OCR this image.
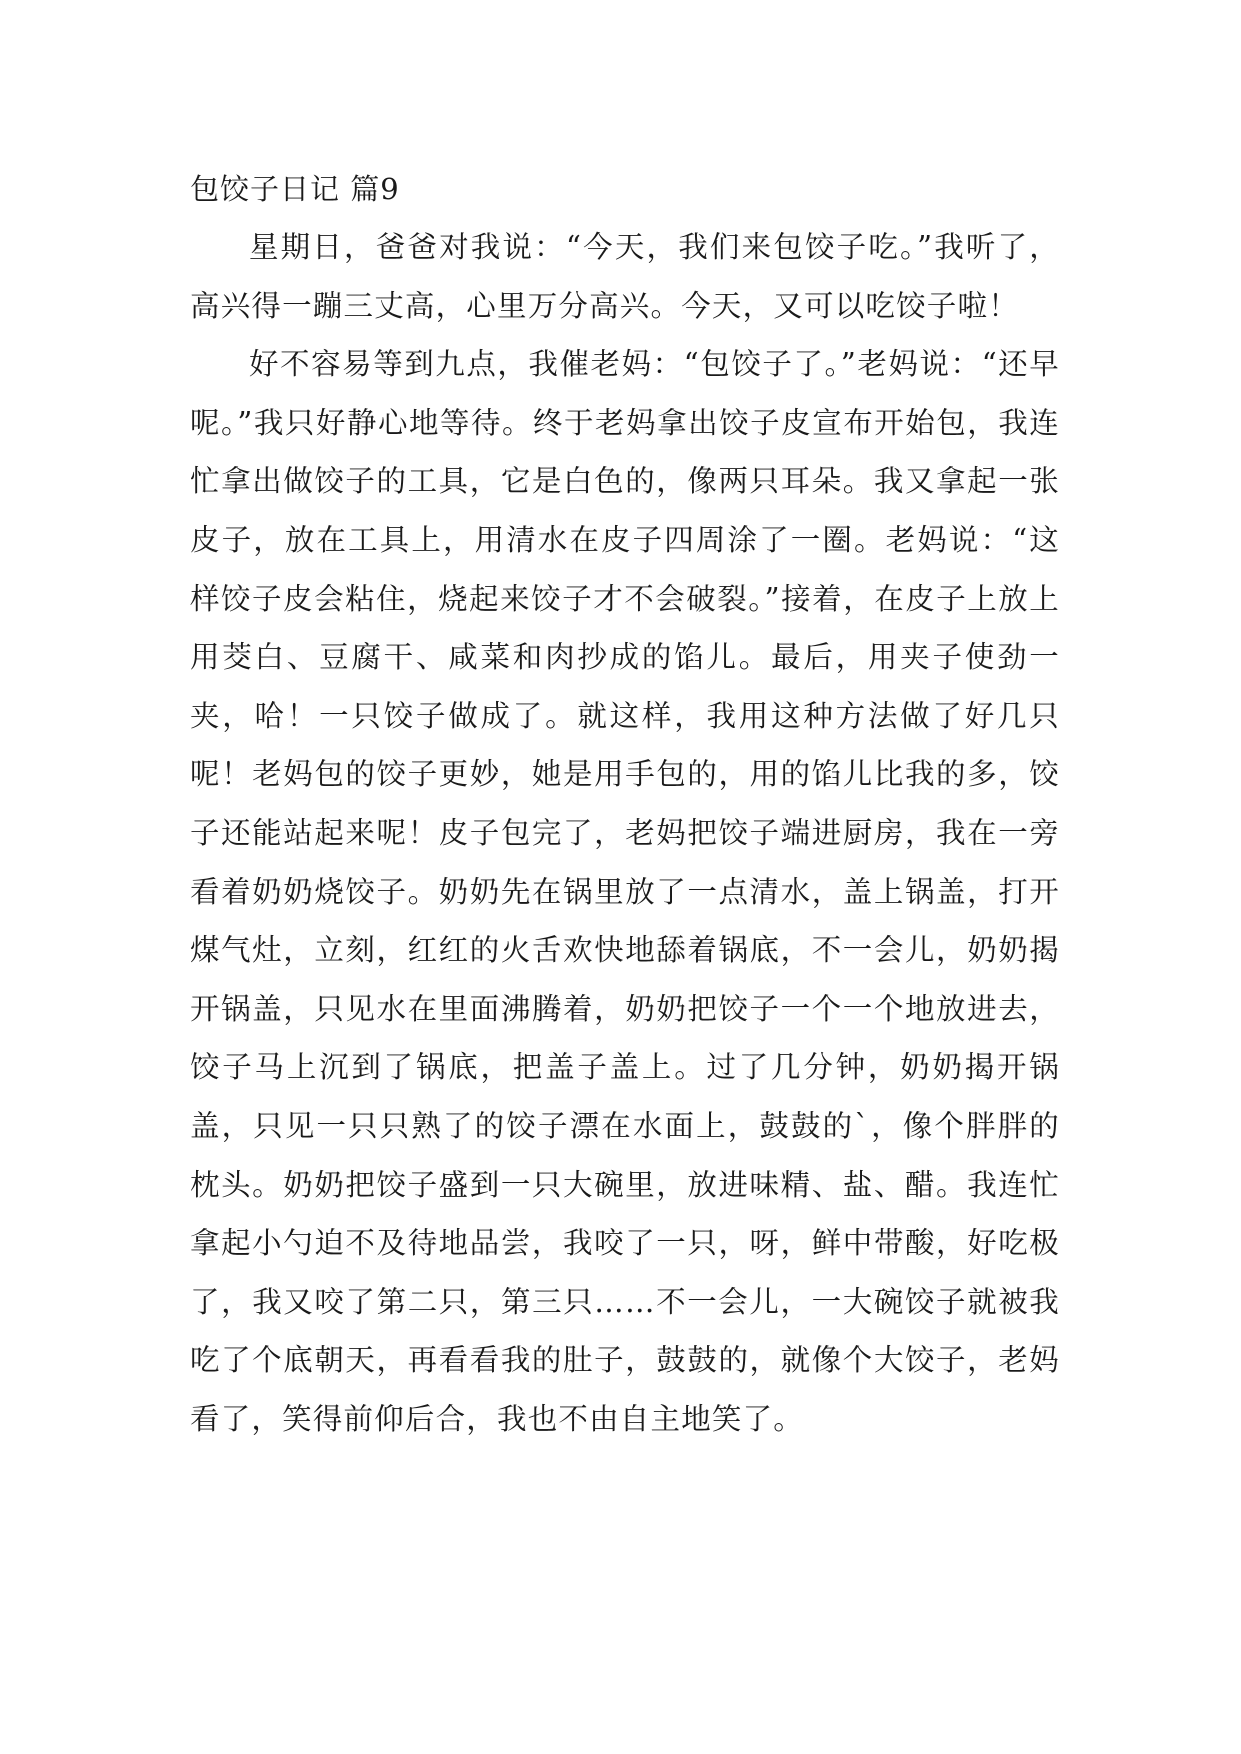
包饺子日记 篇9

星期日，爸爸对我说：“今天，我们来包饺子吃。”我听了，高兴得一蹦三丈高，心里万分高兴。今天，又可以吃饺子啦！

好不容易等到九点，我催老妈：“包饺子了。”老妈说：“还早呢。”我只好静心地等待。终于老妈拿出饺子皮宣布开始包，我连忙拿出做饺子的工具，它是白色的，像两只耳朵。我又拿起一张皮子，放在工具上，用清水在皮子四周涂了一圈。老妈说：“这样饺子皮会粘住，烧起来饺子才不会破裂。”接着，在皮子上放上用茭白、豆腐干、咸菜和肉抄成的馅儿。最后，用夹子使劲一夹，哈！一只饺子做成了。就这样，我用这种方法做了好几只呢！老妈包的饺子更妙，她是用手包的，用的馅儿比我的多，饺子还能站起来呢！皮子包完了，老妈把饺子端进厨房，我在一旁看着奶奶烧饺子。奶奶先在锅里放了一点清水，盖上锅盖，打开煤气灶，立刻，红红的火舌欢快地舔着锅底，不一会儿，奶奶揭开锅盖，只见水在里面沸腾着，奶奶把饺子一个一个地放进去，饺子马上沉到了锅底，把盖子盖上。过了几分钟，奶奶揭开锅盖，只见一只只熟了的饺子漂在水面上，鼓鼓的`，像个胖胖的枕头。奶奶把饺子盛到一只大碗里，放进味精、盐、醋。我连忙拿起小勺迫不及待地品尝，我咬了一只，呀，鲜中带酸，好吃极了，我又咬了第二只，第三只……不一会儿，一大碗饺子就被我吃了个底朝天，再看看我的肚子，鼓鼓的，就像个大饺子，老妈看了，笑得前仰后合，我也不由自主地笑了。
